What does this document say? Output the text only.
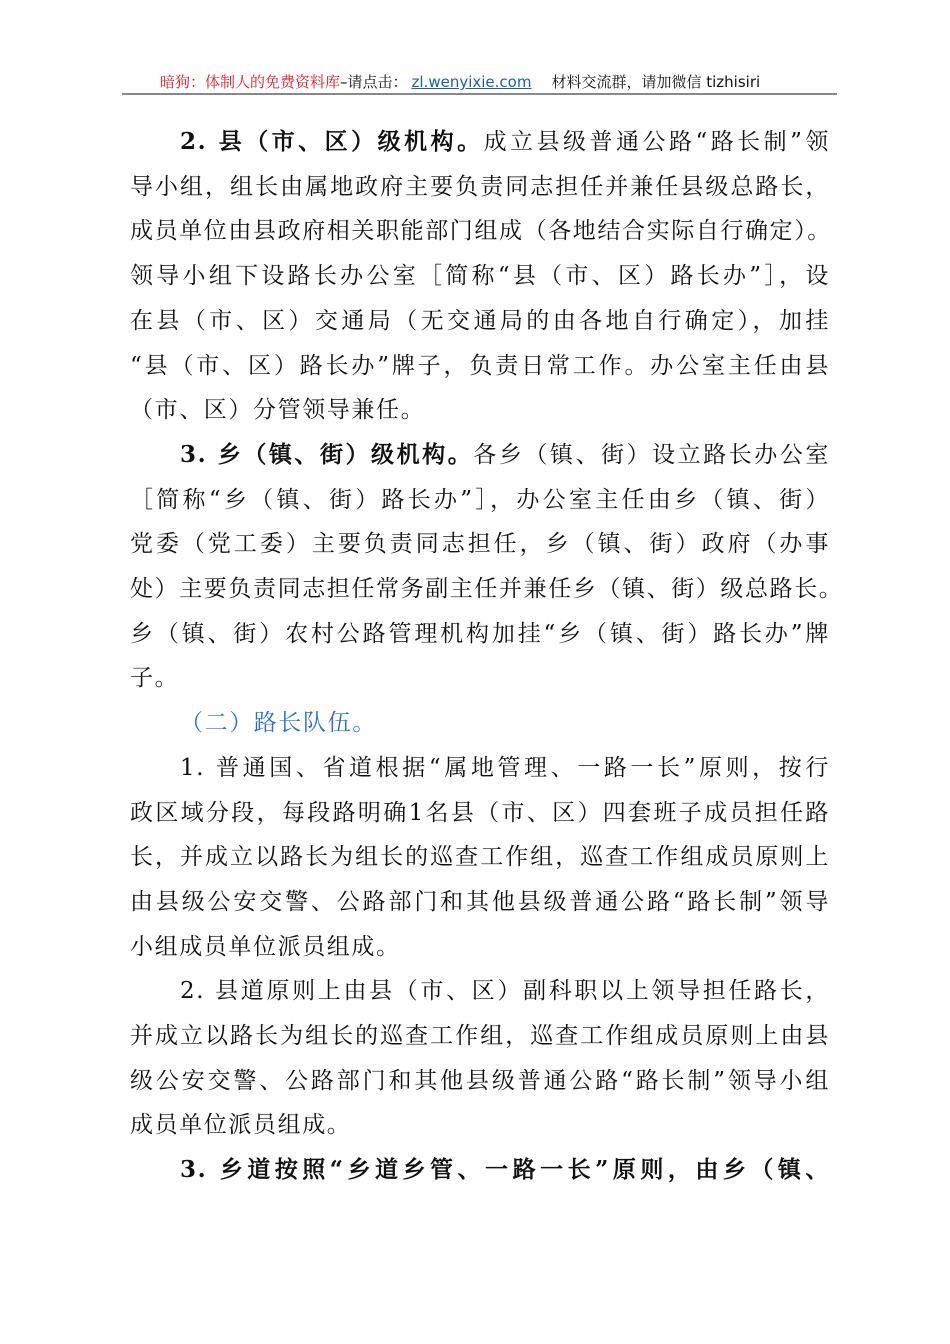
暗狗：体制人的免费资料库–请点击： zl.wenyixie.com 材料交流群，请加微信 tizhisiri
2. 县（市、区）级机构。成立县级普通公路“路长制”领
导小组，组长由属地政府主要负责同志担任并兼任县级总路长，
成员单位由县政府相关职能部门组成（各地结合实际自行确定）。
领导小组下设路长办公室［简称“县（市、区）路长办”］，设
在县（市、区）交通局（无交通局的由各地自行确定），加挂
“县（市、区）路长办”牌子，负责日常工作。办公室主任由县
（市、区）分管领导兼任。
3. 乡（镇、街）级机构。各乡（镇、街）设立路长办公室
［简称“乡（镇、街）路长办”］，办公室主任由乡（镇、街）
党委（党工委）主要负责同志担任，乡（镇、街）政府（办事
处）主要负责同志担任常务副主任并兼任乡（镇、街）级总路长。
乡（镇、街）农村公路管理机构加挂“乡（镇、街）路长办”牌
子。
（二）路长队伍。
1. 普通国、省道根据“属地管理、一路一长”原则，按行
政区域分段，每段路明确1名县（市、区）四套班子成员担任路
长，并成立以路长为组长的巡查工作组，巡查工作组成员原则上
由县级公安交警、公路部门和其他县级普通公路“路长制”领导
小组成员单位派员组成。
2. 县道原则上由县（市、区）副科职以上领导担任路长，
并成立以路长为组长的巡查工作组，巡查工作组成员原则上由县
级公安交警、公路部门和其他县级普通公路“路长制”领导小组
成员单位派员组成。
3. 乡道按照“乡道乡管、一路一长”原则，由乡（镇、
